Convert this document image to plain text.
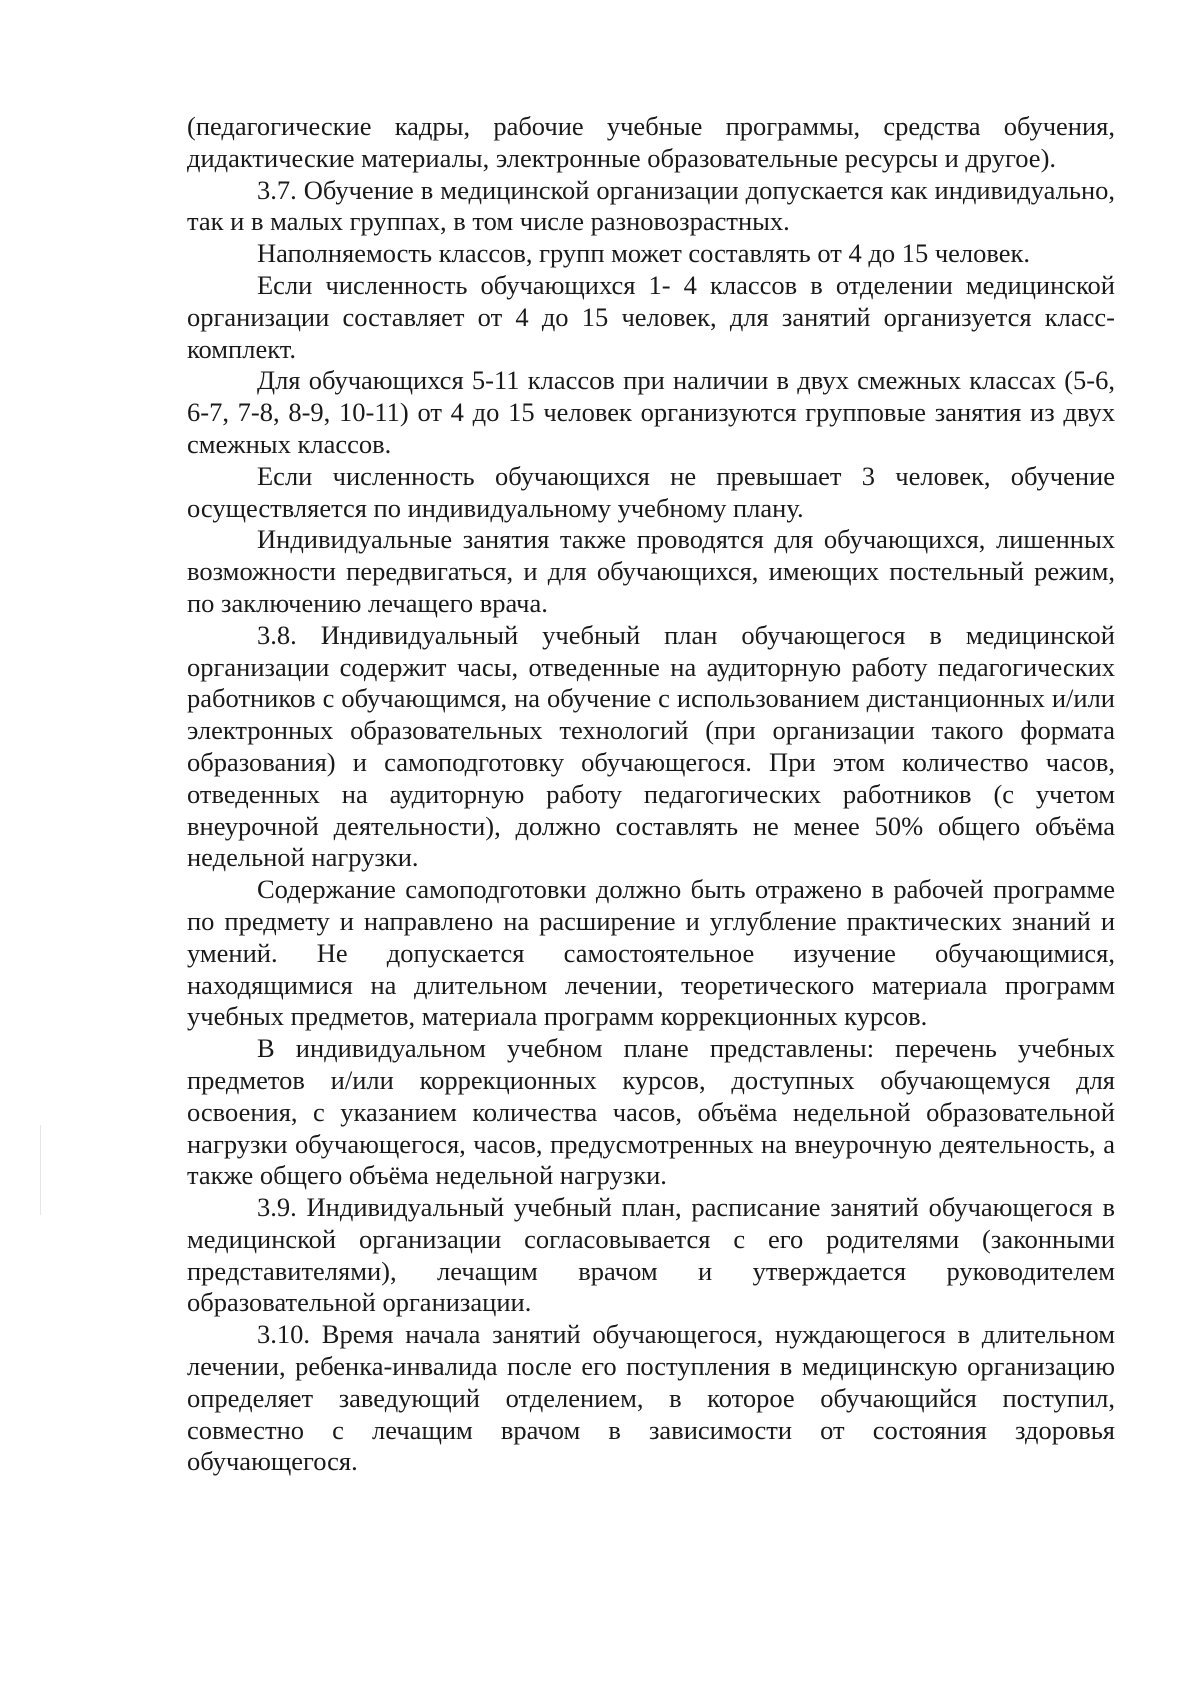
(педагогические кадры, рабочие учебные программы, средства обучения, дидактические материалы, электронные образовательные ресурсы и другое).

3.7. Обучение в медицинской организации допускается как индивидуально, так и в малых группах, в том числе разновозрастных.

Наполняемость классов, групп может составлять от 4 до 15 человек.

Если численность обучающихся 1- 4 классов в отделении медицинской организации составляет от 4 до 15 человек, для занятий организуется класс-комплект.

Для обучающихся 5-11 классов при наличии в двух смежных классах (5-6, 6-7, 7-8, 8-9, 10-11) от 4 до 15 человек организуются групповые занятия из двух смежных классов.

Если численность обучающихся не превышает 3 человек, обучение осуществляется по индивидуальному учебному плану.

Индивидуальные занятия также проводятся для обучающихся, лишенных возможности передвигаться, и для обучающихся, имеющих постельный режим, по заключению лечащего врача.

3.8. Индивидуальный учебный план обучающегося в медицинской организации содержит часы, отведенные на аудиторную работу педагогических работников с обучающимся, на обучение с использованием дистанционных и/или электронных образовательных технологий (при организации такого формата образования) и самоподготовку обучающегося. При этом количество часов, отведенных на аудиторную работу педагогических работников (с учетом внеурочной деятельности), должно составлять не менее 50% общего объёма недельной нагрузки.

Содержание самоподготовки должно быть отражено в рабочей программе по предмету и направлено на расширение и углубление практических знаний и умений. Не допускается самостоятельное изучение обучающимися, находящимися на длительном лечении, теоретического материала программ учебных предметов, материала программ коррекционных курсов.

В индивидуальном учебном плане представлены: перечень учебных предметов и/или коррекционных курсов, доступных обучающемуся для освоения, с указанием количества часов, объёма недельной образовательной нагрузки обучающегося, часов, предусмотренных на внеурочную деятельность, а также общего объёма недельной нагрузки.

3.9. Индивидуальный учебный план, расписание занятий обучающегося в медицинской организации согласовывается с его родителями (законными представителями), лечащим врачом и утверждается руководителем образовательной организации.

3.10. Время начала занятий обучающегося, нуждающегося в длительном лечении, ребенка-инвалида после его поступления в медицинскую организацию определяет заведующий отделением, в которое обучающийся поступил, совместно с лечащим врачом в зависимости от состояния здоровья обучающегося.
